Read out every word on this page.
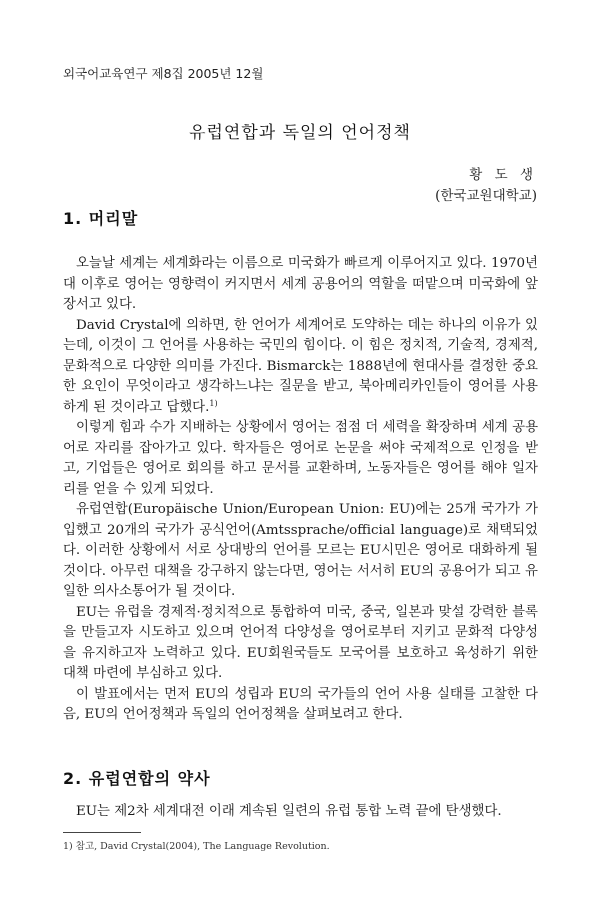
외국어교육연구 제8집 2005년 12월
유럽연합과 독일의 언어정책
황 도 생
(한국교원대학교)
1. 머리말

오늘날 세계는 세계화라는 이름으로 미국화가 빠르게 이루어지고 있다. 1970년대 이후로 영어는 영향력이 커지면서 세계 공용어의 역할을 떠맡으며 미국화에 앞장서고 있다.

David Crystal에 의하면, 한 언어가 세계어로 도약하는 데는 하나의 이유가 있는데, 이것이 그 언어를 사용하는 국민의 힘이다. 이 힘은 정치적, 기술적, 경제적, 문화적으로 다양한 의미를 가진다. Bismarck는 1888년에 현대사를 결정한 중요한 요인이 무엇이라고 생각하느냐는 질문을 받고, 북아메리카인들이 영어를 사용하게 된 것이라고 답했다.$^{1)}$

이렇게 힘과 수가 지배하는 상황에서 영어는 점점 더 세력을 확장하며 세계 공용어로 자리를 잡아가고 있다. 학자들은 영어로 논문을 써야 국제적으로 인정을 받고, 기업들은 영어로 회의를 하고 문서를 교환하며, 노동자들은 영어를 해야 일자리를 얻을 수 있게 되었다.

유럽연합(Europäische Union/European Union: EU)에는 25개 국가가 가입했고 20개의 국가가 공식언어(Amtssprache/official language)로 채택되었다. 이러한 상황에서 서로 상대방의 언어를 모르는 EU시민은 영어로 대화하게 될 것이다. 아무런 대책을 강구하지 않는다면, 영어는 서서히 EU의 공용어가 되고 유일한 의사소통어가 될 것이다.

EU는 유럽을 경제적·정치적으로 통합하여 미국, 중국, 일본과 맞설 강력한 블록을 만들고자 시도하고 있으며 언어적 다양성을 영어로부터 지키고 문화적 다양성을 유지하고자 노력하고 있다. EU회원국들도 모국어를 보호하고 육성하기 위한 대책 마련에 부심하고 있다.

이 발표에서는 먼저 EU의 성립과 EU의 국가들의 언어 사용 실태를 고찰한 다음, EU의 언어정책과 독일의 언어정책을 살펴보려고 한다.

2. 유럽연합의 약사

EU는 제2차 세계대전 이래 계속된 일련의 유럽 통합 노력 끝에 탄생했다.

1) 참고, David Crystal(2004), The Language Revolution.
